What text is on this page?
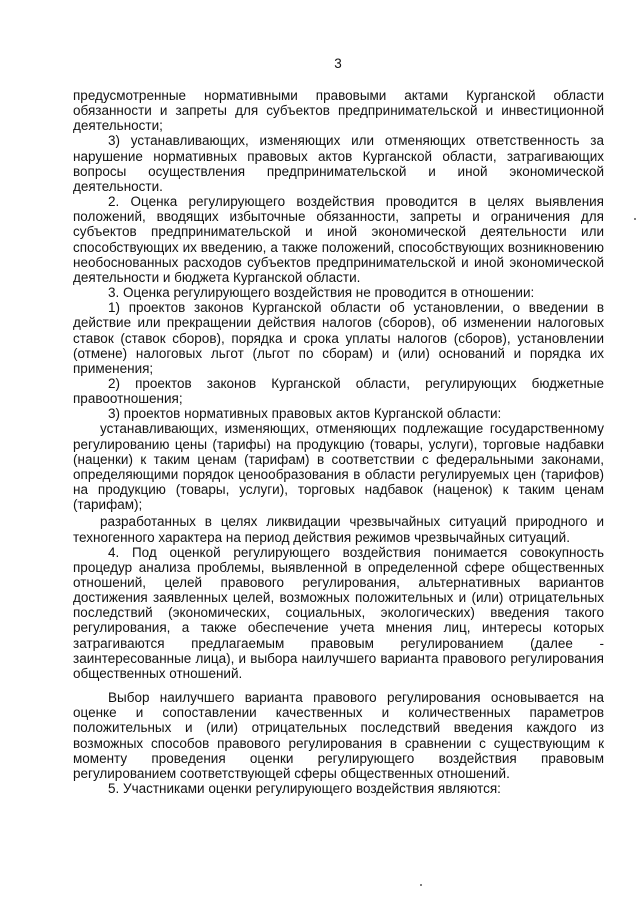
3

предусмотренные нормативными правовыми актами Курганской области обязанности и запреты для субъектов предпринимательской и инвестиционной деятельности;

3) устанавливающих, изменяющих или отменяющих ответственность за нарушение нормативных правовых актов Курганской области, затрагивающих вопросы осуществления предпринимательской и иной экономической деятельности.

2. Оценка регулирующего воздействия проводится в целях выявления положений, вводящих избыточные обязанности, запреты и ограничения для субъектов предпринимательской и иной экономической деятельности или способствующих их введению, а также положений, способствующих возникновению необоснованных расходов субъектов предпринимательской и иной экономической деятельности и бюджета Курганской области.

3. Оценка регулирующего воздействия не проводится в отношении:

1) проектов законов Курганской области об установлении, о введении в действие или прекращении действия налогов (сборов), об изменении налоговых ставок (ставок сборов), порядка и срока уплаты налогов (сборов), установлении (отмене) налоговых льгот (льгот по сборам) и (или) оснований и порядка их применения;

2) проектов законов Курганской области, регулирующих бюджетные правоотношения;

3) проектов нормативных правовых актов Курганской области:

устанавливающих, изменяющих, отменяющих подлежащие государственному регулированию цены (тарифы) на продукцию (товары, услуги), торговые надбавки (наценки) к таким ценам (тарифам) в соответствии с федеральными законами, определяющими порядок ценообразования в области регулируемых цен (тарифов) на продукцию (товары, услуги), торговых надбавок (наценок) к таким ценам (тарифам);

разработанных в целях ликвидации чрезвычайных ситуаций природного и техногенного характера на период действия режимов чрезвычайных ситуаций.

4. Под оценкой регулирующего воздействия понимается совокупность процедур анализа проблемы, выявленной в определенной сфере общественных отношений, целей правового регулирования, альтернативных вариантов достижения заявленных целей, возможных положительных и (или) отрицательных последствий (экономических, социальных, экологических) введения такого регулирования, а также обеспечение учета мнения лиц, интересы которых затрагиваются предлагаемым правовым регулированием (далее - заинтересованные лица), и выбора наилучшего варианта правового регулирования общественных отношений.

Выбор наилучшего варианта правового регулирования основывается на оценке и сопоставлении качественных и количественных параметров положительных и (или) отрицательных последствий введения каждого из возможных способов правового регулирования в сравнении с существующим к моменту проведения оценки регулирующего воздействия правовым регулированием соответствующей сферы общественных отношений.

5. Участниками оценки регулирующего воздействия являются:
